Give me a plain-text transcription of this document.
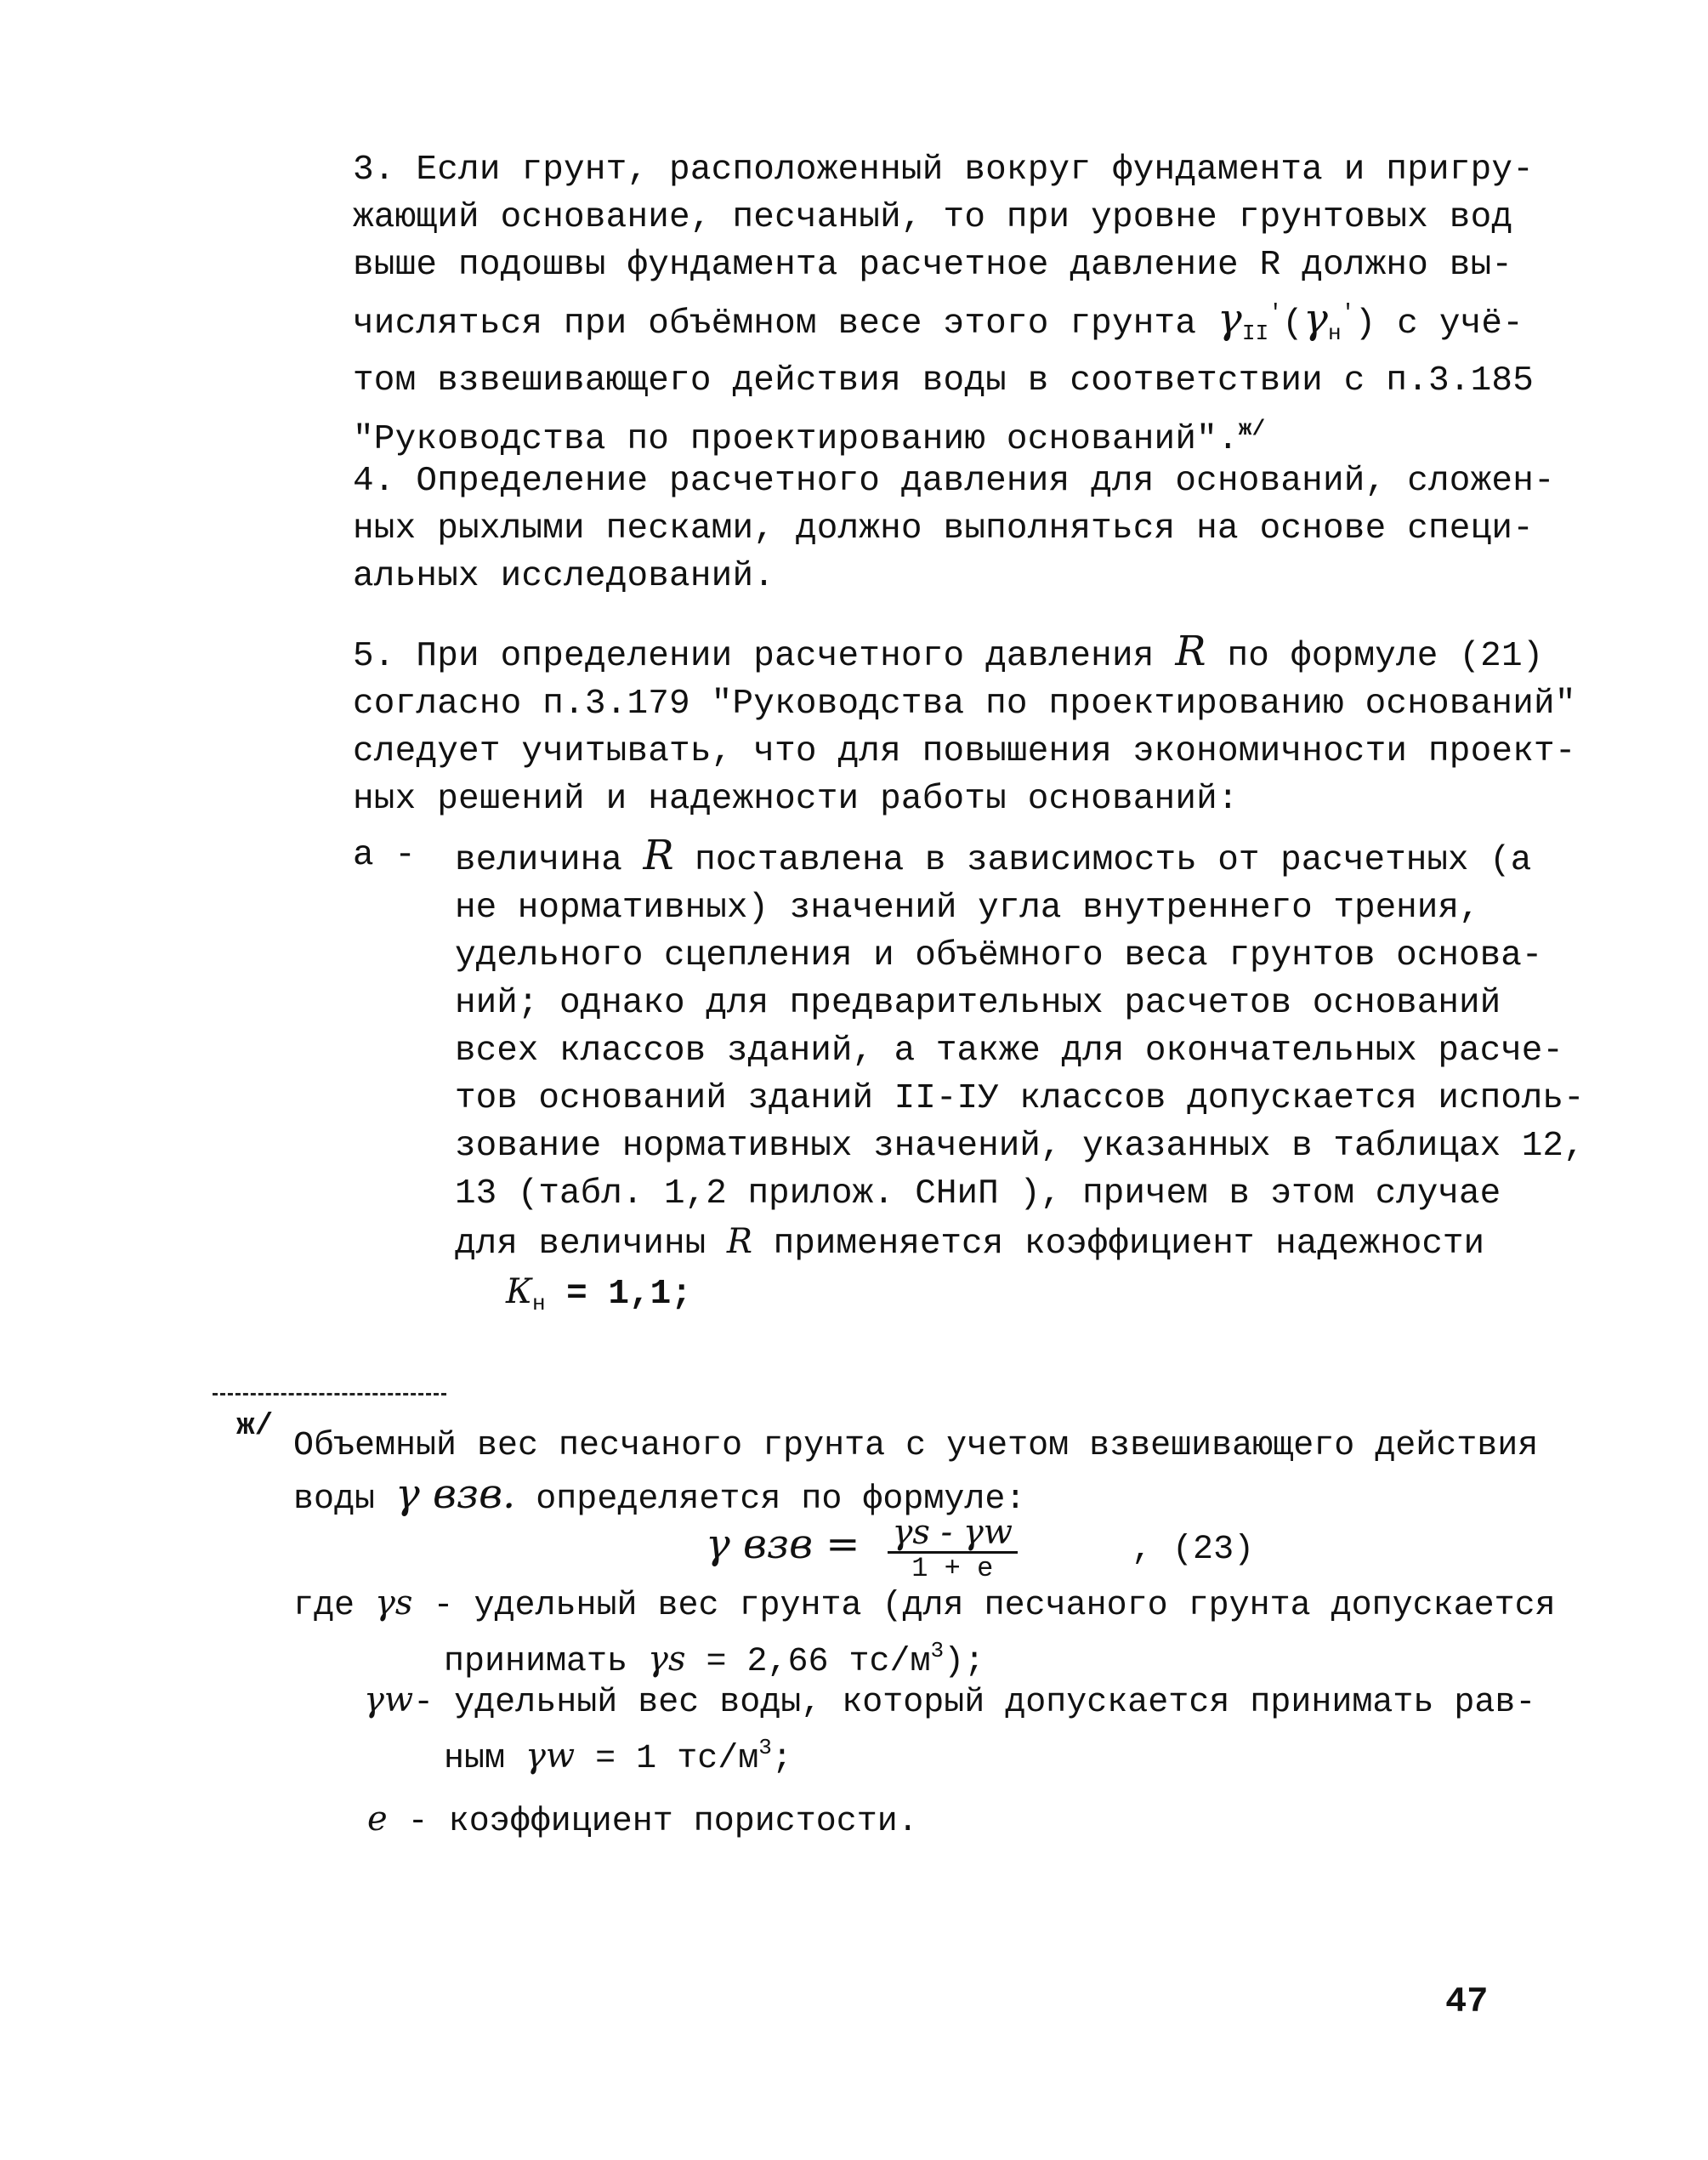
3. Если грунт, расположенный вокруг фундамента и пригру-
жающий основание, песчаный, то при уровне грунтовых вод
выше подошвы фундамента расчетное давление R должно вы-
числяться при объёмном весе этого грунта $\gamma_{II}'(\gamma_н')$ с учё-
том взвешивающего действия воды в соответствии с п.3.185
"Руководства по проектированию оснований".$^{ж/}$
4. Определение расчетного давления для оснований, сложен-
ных рыхлыми песками, должно выполняться на основе специ-
альных исследований.
5. При определении расчетного давления R по формуле (21)
согласно п.3.179 "Руководства по проектированию оснований"
следует учитывать, что для повышения экономичности проект-
ных решений и надежности работы оснований:
а - величина R поставлена в зависимость от расчетных (а
не нормативных) значений угла внутреннего трения,
удельного сцепления и объёмного веса грунтов основа-
ний; однако для предварительных расчетов оснований
всех классов зданий, а также для окончательных расче-
тов оснований зданий II-IУ классов допускается исполь-
зование нормативных значений, указанных в таблицах 12,
13 (табл. 1,2 прилож. СНиП ), причем в этом случае
для величины R применяется коэффициент надежности
$К_н = 1,1$;
ж/
Объемный вес песчаного грунта с учетом взвешивающего действия
воды γ взв. определяется по формуле:
γ взв = $\frac{\gamma s - \gamma w}{1 + e}$	, (23)
где γs - удельный вес грунта (для песчаного грунта допускается
принимать γs = 2,66 $тс/м^3$);
γw- удельный вес воды, который допускается принимать рав-
ным γw = 1 $тс/м^3$;
e - коэффициент пористости.
47
